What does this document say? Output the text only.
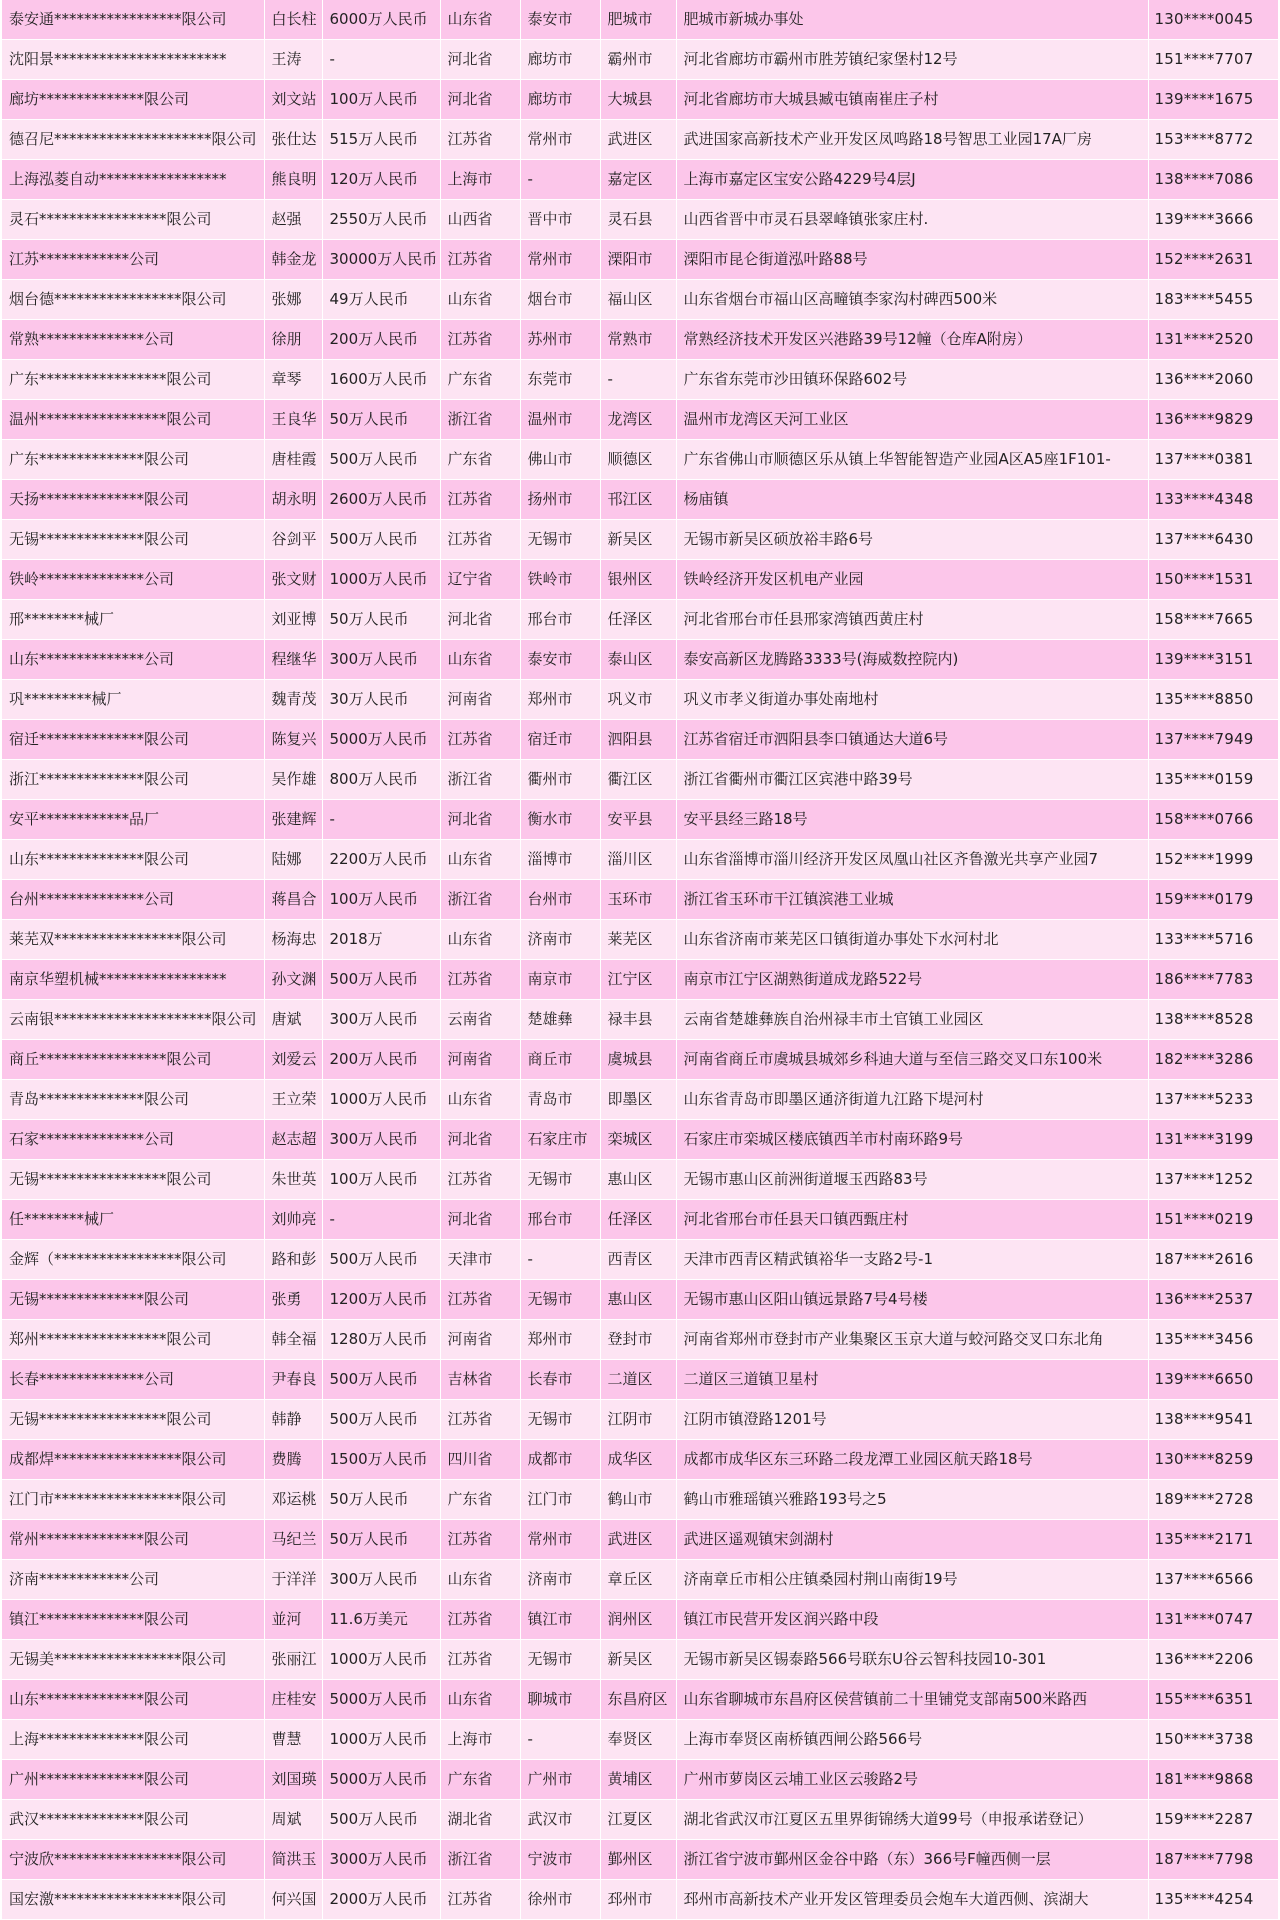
泰安通*****************限公司	白长柱	6000万人民币	山东省	泰安市	肥城市	肥城市新城办事处	130****0045
沈阳景***********************	王涛	-	河北省	廊坊市	霸州市	河北省廊坊市霸州市胜芳镇纪家堡村12号	151****7707
廊坊**************限公司	刘文站	100万人民币	河北省	廊坊市	大城县	河北省廊坊市大城县臧屯镇南崔庄子村	139****1675
德召尼*********************限公司	张仕达	515万人民币	江苏省	常州市	武进区	武进国家高新技术产业开发区凤鸣路18号智思工业园17A厂房	153****8772
上海泓菱自动*****************	熊良明	120万人民币	上海市	-	嘉定区	上海市嘉定区宝安公路4229号4层J	138****7086
灵石*****************限公司	赵强	2550万人民币	山西省	晋中市	灵石县	山西省晋中市灵石县翠峰镇张家庄村.	139****3666
江苏************公司	韩金龙	30000万人民币	江苏省	常州市	溧阳市	溧阳市昆仑街道泓叶路88号	152****2631
烟台德*****************限公司	张娜	49万人民币	山东省	烟台市	福山区	山东省烟台市福山区高疃镇李家沟村碑西500米	183****5455
常熟**************公司	徐朋	200万人民币	江苏省	苏州市	常熟市	常熟经济技术开发区兴港路39号12幢（仓库A附房）	131****2520
广东*****************限公司	章琴	1600万人民币	广东省	东莞市	-	广东省东莞市沙田镇环保路602号	136****2060
温州*****************限公司	王良华	50万人民币	浙江省	温州市	龙湾区	温州市龙湾区天河工业区	136****9829
广东**************限公司	唐桂霞	500万人民币	广东省	佛山市	顺德区	广东省佛山市顺德区乐从镇上华智能智造产业园A区A5座1F101-	137****0381
天扬**************限公司	胡永明	2600万人民币	江苏省	扬州市	邗江区	杨庙镇	133****4348
无锡**************限公司	谷剑平	500万人民币	江苏省	无锡市	新吴区	无锡市新吴区硕放裕丰路6号	137****6430
铁岭**************公司	张文财	1000万人民币	辽宁省	铁岭市	银州区	铁岭经济开发区机电产业园	150****1531
邢********械厂	刘亚博	50万人民币	河北省	邢台市	任泽区	河北省邢台市任县邢家湾镇西黄庄村	158****7665
山东**************公司	程继华	300万人民币	山东省	泰安市	泰山区	泰安高新区龙腾路3333号(海威数控院内)	139****3151
巩*********械厂	魏青茂	30万人民币	河南省	郑州市	巩义市	巩义市孝义街道办事处南地村	135****8850
宿迁**************限公司	陈复兴	5000万人民币	江苏省	宿迁市	泗阳县	江苏省宿迁市泗阳县李口镇通达大道6号	137****7949
浙江**************限公司	吴作雄	800万人民币	浙江省	衢州市	衢江区	浙江省衢州市衢江区宾港中路39号	135****0159
安平************品厂	张建辉	-	河北省	衡水市	安平县	安平县经三路18号	158****0766
山东**************限公司	陆娜	2200万人民币	山东省	淄博市	淄川区	山东省淄博市淄川经济开发区凤凰山社区齐鲁激光共享产业园7	152****1999
台州**************公司	蒋昌合	100万人民币	浙江省	台州市	玉环市	浙江省玉环市干江镇滨港工业城	159****0179
莱芜双*****************限公司	杨海忠	2018万	山东省	济南市	莱芜区	山东省济南市莱芜区口镇街道办事处下水河村北	133****5716
南京华塑机械*****************	孙文渊	500万人民币	江苏省	南京市	江宁区	南京市江宁区湖熟街道成龙路522号	186****7783
云南银*********************限公司	唐斌	300万人民币	云南省	楚雄彝	禄丰县	云南省楚雄彝族自治州禄丰市土官镇工业园区	138****8528
商丘*****************限公司	刘爱云	200万人民币	河南省	商丘市	虞城县	河南省商丘市虞城县城郊乡科迪大道与至信三路交叉口东100米	182****3286
青岛**************限公司	王立荣	1000万人民币	山东省	青岛市	即墨区	山东省青岛市即墨区通济街道九江路下堤河村	137****5233
石家**************公司	赵志超	300万人民币	河北省	石家庄市	栾城区	石家庄市栾城区楼底镇西羊市村南环路9号	131****3199
无锡*****************限公司	朱世英	100万人民币	江苏省	无锡市	惠山区	无锡市惠山区前洲街道堰玉西路83号	137****1252
任********械厂	刘帅亮	-	河北省	邢台市	任泽区	河北省邢台市任县天口镇西甄庄村	151****0219
金辉（*****************限公司	路和彭	500万人民币	天津市	-	西青区	天津市西青区精武镇裕华一支路2号-1	187****2616
无锡**************限公司	张勇	1200万人民币	江苏省	无锡市	惠山区	无锡市惠山区阳山镇远景路7号4号楼	136****2537
郑州*****************限公司	韩全福	1280万人民币	河南省	郑州市	登封市	河南省郑州市登封市产业集聚区玉京大道与蛟河路交叉口东北角	135****3456
长春**************公司	尹春良	500万人民币	吉林省	长春市	二道区	二道区三道镇卫星村	139****6650
无锡*****************限公司	韩静	500万人民币	江苏省	无锡市	江阴市	江阴市镇澄路1201号	138****9541
成都焊*****************限公司	费腾	1500万人民币	四川省	成都市	成华区	成都市成华区东三环路二段龙潭工业园区航天路18号	130****8259
江门市*****************限公司	邓运桃	50万人民币	广东省	江门市	鹤山市	鹤山市雅瑶镇兴雅路193号之5	189****2728
常州**************限公司	马纪兰	50万人民币	江苏省	常州市	武进区	武进区遥观镇宋剑湖村	135****2171
济南************公司	于洋洋	300万人民币	山东省	济南市	章丘区	济南章丘市相公庄镇桑园村荆山南街19号	137****6566
镇江**************限公司	並河	11.6万美元	江苏省	镇江市	润州区	镇江市民营开发区润兴路中段	131****0747
无锡美*****************限公司	张丽江	1000万人民币	江苏省	无锡市	新吴区	无锡市新吴区锡泰路566号联东U谷云智科技园10-301	136****2206
山东**************限公司	庄桂安	5000万人民币	山东省	聊城市	东昌府区	山东省聊城市东昌府区侯营镇前二十里铺党支部南500米路西	155****6351
上海**************限公司	曹慧	1000万人民币	上海市	-	奉贤区	上海市奉贤区南桥镇西闸公路566号	150****3738
广州**************限公司	刘国瑛	5000万人民币	广东省	广州市	黄埔区	广州市萝岗区云埔工业区云骏路2号	181****9868
武汉**************限公司	周斌	500万人民币	湖北省	武汉市	江夏区	湖北省武汉市江夏区五里界街锦绣大道99号（申报承诺登记）	159****2287
宁波欣*****************限公司	简洪玉	3000万人民币	浙江省	宁波市	鄞州区	浙江省宁波市鄞州区金谷中路（东）366号F幢西侧一层	187****7798
国宏激*****************限公司	何兴国	2000万人民币	江苏省	徐州市	邳州市	邳州市高新技术产业开发区管理委员会炮车大道西侧、滨湖大	135****4254
